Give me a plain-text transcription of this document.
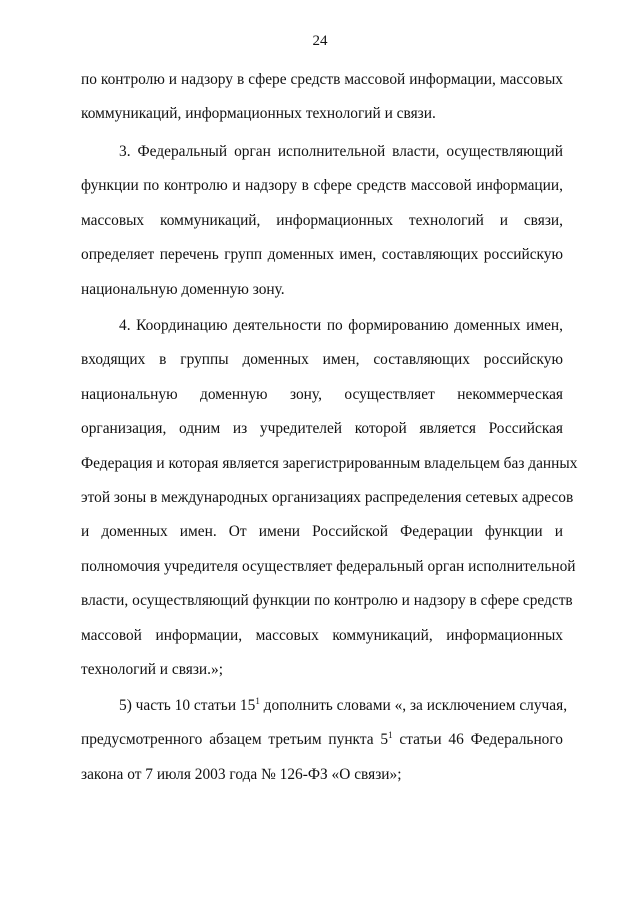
24
по контролю и надзору в сфере средств массовой информации, массовых
коммуникаций, информационных технологий и связи.
3. Федеральный орган исполнительной власти, осуществляющий
функции по контролю и надзору в сфере средств массовой информации,
массовых коммуникаций, информационных технологий и связи,
определяет перечень групп доменных имен, составляющих российскую
национальную доменную зону.
4. Координацию деятельности по формированию доменных имен,
входящих в группы доменных имен, составляющих российскую
национальную доменную зону, осуществляет некоммерческая
организация, одним из учредителей которой является Российская
Федерация и которая является зарегистрированным владельцем баз данных
этой зоны в международных организациях распределения сетевых адресов
и доменных имен. От имени Российской Федерации функции и
полномочия учредителя осуществляет федеральный орган исполнительной
власти, осуществляющий функции по контролю и надзору в сфере средств
массовой информации, массовых коммуникаций, информационных
технологий и связи.»;
5) часть 10 статьи $15^1$ дополнить словами «, за исключением случая,
предусмотренного абзацем третьим пункта $5^1$ статьи 46 Федерального
закона от 7 июля 2003 года № 126-ФЗ «О связи»;
